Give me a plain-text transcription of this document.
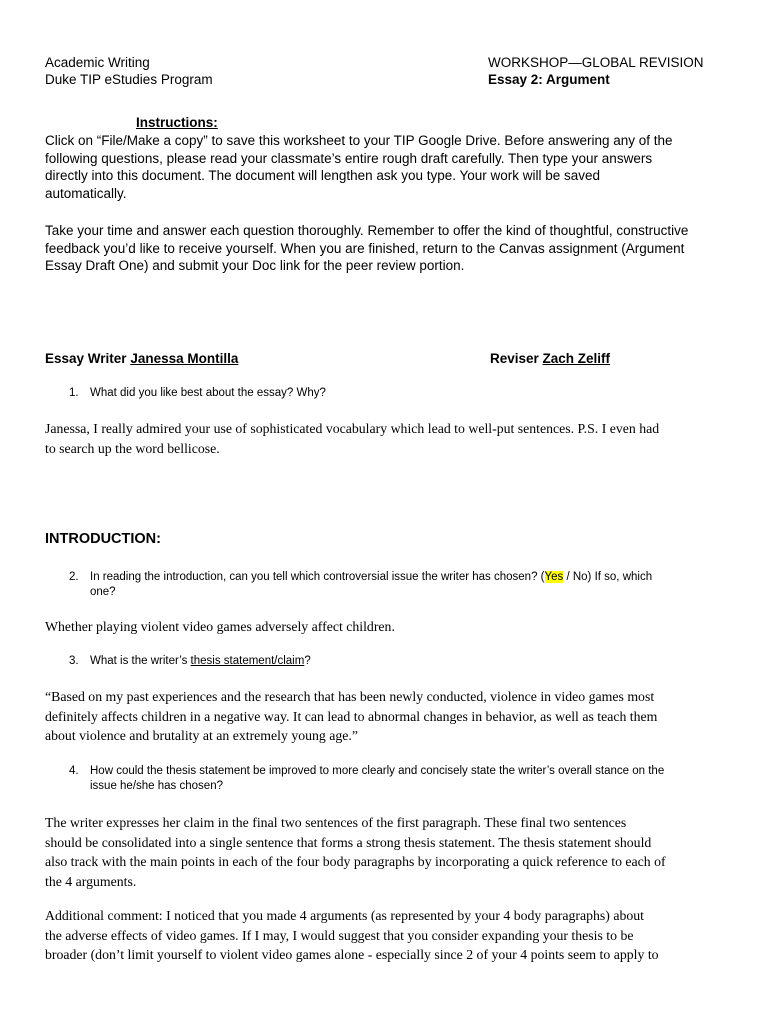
Academic Writing
Duke TIP eStudies Program
WORKSHOP—GLOBAL REVISION
Essay 2: Argument
Instructions:
Click on “File/Make a copy” to save this worksheet to your TIP Google Drive. Before answering any of the
following questions, please read your classmate’s entire rough draft carefully. Then type your answers
directly into this document. The document will lengthen ask you type. Your work will be saved
automatically.
Take your time and answer each question thoroughly. Remember to offer the kind of thoughtful, constructive
feedback you’d like to receive yourself. When you are finished, return to the Canvas assignment (Argument
Essay Draft One) and submit your Doc link for the peer review portion.
Essay Writer Janessa Montilla	Reviser Zach Zeliff
1. What did you like best about the essay? Why?
Janessa, I really admired your use of sophisticated vocabulary which lead to well-put sentences. P.S. I even had
to search up the word bellicose.
INTRODUCTION:
2. In reading the introduction, can you tell which controversial issue the writer has chosen? (Yes / No) If so, which
one?
Whether playing violent video games adversely affect children.
3. What is the writer’s thesis statement/claim?
“Based on my past experiences and the research that has been newly conducted, violence in video games most
definitely affects children in a negative way. It can lead to abnormal changes in behavior, as well as teach them
about violence and brutality at an extremely young age.”
4. How could the thesis statement be improved to more clearly and concisely state the writer’s overall stance on the
issue he/she has chosen?
The writer expresses her claim in the final two sentences of the first paragraph. These final two sentences
should be consolidated into a single sentence that forms a strong thesis statement. The thesis statement should
also track with the main points in each of the four body paragraphs by incorporating a quick reference to each of
the 4 arguments.
Additional comment: I noticed that you made 4 arguments (as represented by your 4 body paragraphs) about
the adverse effects of video games. If I may, I would suggest that you consider expanding your thesis to be
broader (don’t limit yourself to violent video games alone - especially since 2 of your 4 points seem to apply to
